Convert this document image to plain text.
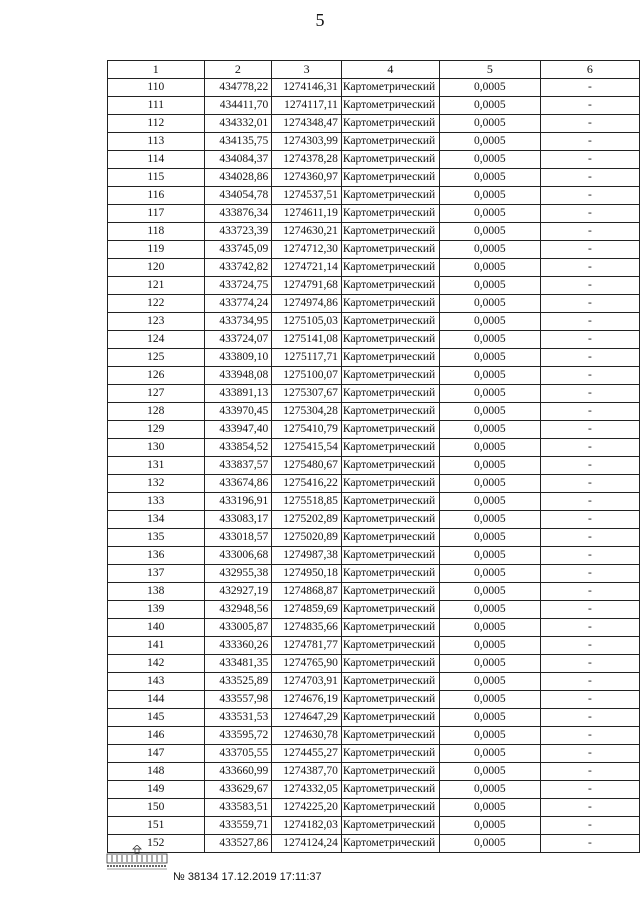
5
1	2	3	4	5	6
110	434778,22	1274146,31	Картометрический	0,0005	-
111	434411,70	1274117,11	Картометрический	0,0005	-
112	434332,01	1274348,47	Картометрический	0,0005	-
113	434135,75	1274303,99	Картометрический	0,0005	-
114	434084,37	1274378,28	Картометрический	0,0005	-
115	434028,86	1274360,97	Картометрический	0,0005	-
116	434054,78	1274537,51	Картометрический	0,0005	-
117	433876,34	1274611,19	Картометрический	0,0005	-
118	433723,39	1274630,21	Картометрический	0,0005	-
119	433745,09	1274712,30	Картометрический	0,0005	-
120	433742,82	1274721,14	Картометрический	0,0005	-
121	433724,75	1274791,68	Картометрический	0,0005	-
122	433774,24	1274974,86	Картометрический	0,0005	-
123	433734,95	1275105,03	Картометрический	0,0005	-
124	433724,07	1275141,08	Картометрический	0,0005	-
125	433809,10	1275117,71	Картометрический	0,0005	-
126	433948,08	1275100,07	Картометрический	0,0005	-
127	433891,13	1275307,67	Картометрический	0,0005	-
128	433970,45	1275304,28	Картометрический	0,0005	-
129	433947,40	1275410,79	Картометрический	0,0005	-
130	433854,52	1275415,54	Картометрический	0,0005	-
131	433837,57	1275480,67	Картометрический	0,0005	-
132	433674,86	1275416,22	Картометрический	0,0005	-
133	433196,91	1275518,85	Картометрический	0,0005	-
134	433083,17	1275202,89	Картометрический	0,0005	-
135	433018,57	1275020,89	Картометрический	0,0005	-
136	433006,68	1274987,38	Картометрический	0,0005	-
137	432955,38	1274950,18	Картометрический	0,0005	-
138	432927,19	1274868,87	Картометрический	0,0005	-
139	432948,56	1274859,69	Картометрический	0,0005	-
140	433005,87	1274835,66	Картометрический	0,0005	-
141	433360,26	1274781,77	Картометрический	0,0005	-
142	433481,35	1274765,90	Картометрический	0,0005	-
143	433525,89	1274703,91	Картометрический	0,0005	-
144	433557,98	1274676,19	Картометрический	0,0005	-
145	433531,53	1274647,29	Картометрический	0,0005	-
146	433595,72	1274630,78	Картометрический	0,0005	-
147	433705,55	1274455,27	Картометрический	0,0005	-
148	433660,99	1274387,70	Картометрический	0,0005	-
149	433629,67	1274332,05	Картометрический	0,0005	-
150	433583,51	1274225,20	Картометрический	0,0005	-
151	433559,71	1274182,03	Картометрический	0,0005	-
152	433527,86	1274124,24	Картометрический	0,0005	-
№ 38134 17.12.2019 17:11:37
